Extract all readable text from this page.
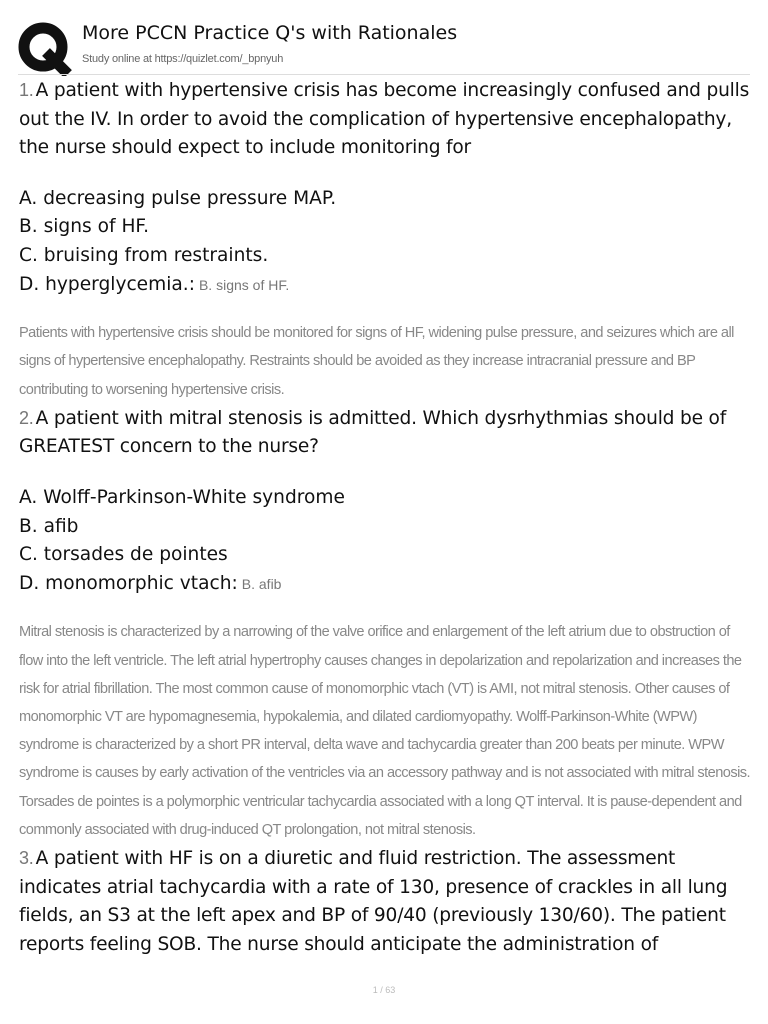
More PCCN Practice Q's with Rationales
Study online at https://quizlet.com/_bpnyuh

1. A patient with hypertensive crisis has become increasingly confused and pulls out the IV. In order to avoid the complication of hypertensive encephalopathy, the nurse should expect to include monitoring for

A. decreasing pulse pressure MAP.
B. signs of HF.
C. bruising from restraints.
D. hyperglycemia.: B. signs of HF.

Patients with hypertensive crisis should be monitored for signs of HF, widening pulse pressure, and seizures which are all signs of hypertensive encephalopathy. Restraints should be avoided as they increase intracranial pressure and BP contributing to worsening hypertensive crisis.

2. A patient with mitral stenosis is admitted. Which dysrhythmias should be of GREATEST concern to the nurse?

A. Wolff-Parkinson-White syndrome
B. afib
C. torsades de pointes
D. monomorphic vtach: B. afib

Mitral stenosis is characterized by a narrowing of the valve orifice and enlargement of the left atrium due to obstruction of flow into the left ventricle. The left atrial hypertrophy causes changes in depolarization and repolarization and increases the risk for atrial fibrillation. The most common cause of monomorphic vtach (VT) is AMI, not mitral stenosis. Other causes of monomorphic VT are hypomagnesemia, hypokalemia, and dilated cardiomyopathy. Wolff-Parkinson-White (WPW) syndrome is characterized by a short PR interval, delta wave and tachycardia greater than 200 beats per minute. WPW syndrome is causes by early activation of the ventricles via an accessory pathway and is not associated with mitral stenosis. Torsades de pointes is a polymorphic ventricular tachycardia associated with a long QT interval. It is pause-dependent and commonly associated with drug-induced QT prolongation, not mitral stenosis.

3. A patient with HF is on a diuretic and fluid restriction. The assessment indicates atrial tachycardia with a rate of 130, presence of crackles in all lung fields, an S3 at the left apex and BP of 90/40 (previously 130/60). The patient reports feeling SOB. The nurse should anticipate the administration of

1 / 63
